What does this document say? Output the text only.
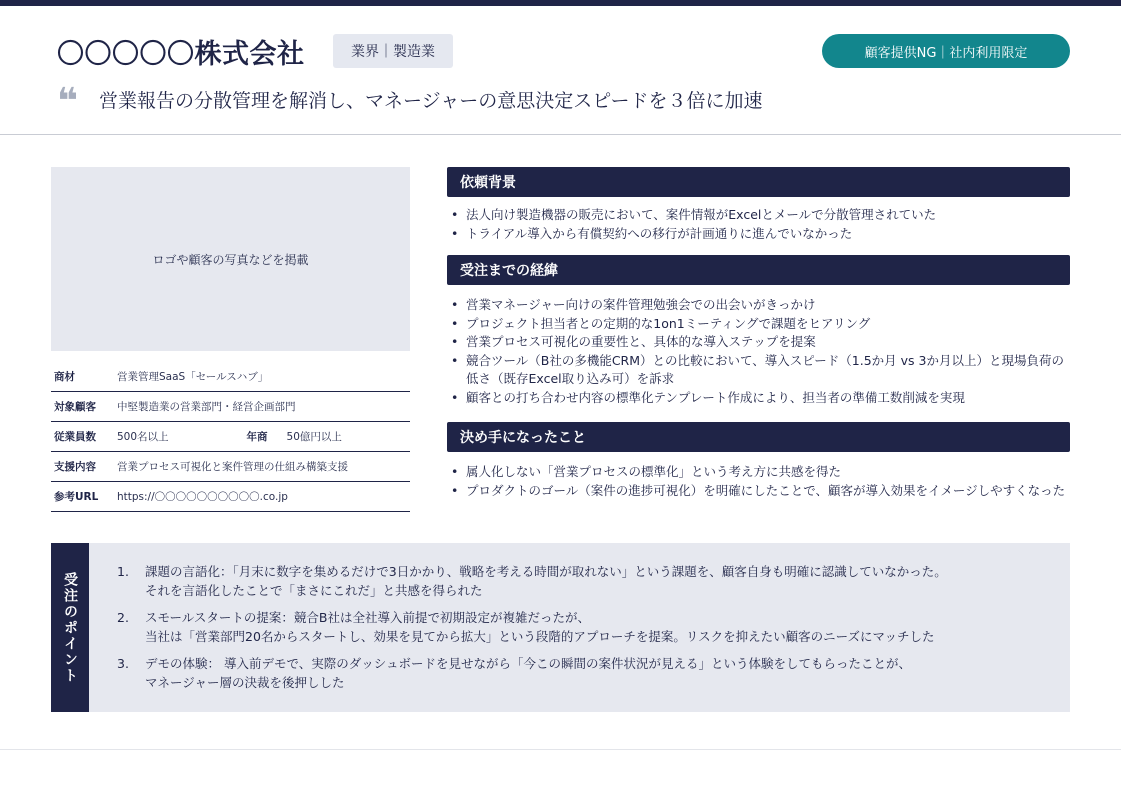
〇〇〇〇〇株式会社	業界｜製造業	顧客提供NG｜社内利用限定
❝ 営業報告の分散管理を解消し、マネージャーの意思決定スピードを３倍に加速
ロゴや顧客の写真などを掲載
商材	営業管理SaaS「セールスハブ」
対象顧客	中堅製造業の営業部門・経営企画部門
従業員数	500名以上	年商	50億円以上
支援内容	営業プロセス可視化と案件管理の仕組み構築支援
参考URL	https://〇〇〇〇〇〇〇〇〇〇.co.jp
依頼背景
• 法人向け製造機器の販売において、案件情報がExcelとメールで分散管理されていた
• トライアル導入から有償契約への移行が計画通りに進んでいなかった
受注までの経緯
• 営業マネージャー向けの案件管理勉強会での出会いがきっかけ
• プロジェクト担当者との定期的な1on1ミーティングで課題をヒアリング
• 営業プロセス可視化の重要性と、具体的な導入ステップを提案
• 競合ツール（B社の多機能CRM）との比較において、導入スピード（1.5か月 vs 3か月以上）と現場負荷の低さ（既存Excel取り込み可）を訴求
• 顧客との打ち合わせ内容の標準化テンプレート作成により、担当者の準備工数削減を実現
決め手になったこと
• 属人化しない「営業プロセスの標準化」という考え方に共感を得た
• プロダクトのゴール（案件の進捗可視化）を明確にしたことで、顧客が導入効果をイメージしやすくなった
受注のポイント	1. 課題の言語化：「月末に数字を集めるだけで3日かかり、戦略を考える時間が取れない」という課題を、顧客自身も明確に認識していなかった。
それを言語化したことで「まさにこれだ」と共感を得られた
2. スモールスタートの提案：競合B社は全社導入前提で初期設定が複雑だったが、
当社は「営業部門20名からスタートし、効果を見てから拡大」という段階的アプローチを提案。リスクを抑えたい顧客のニーズにマッチした
3. デモの体験： 導入前デモで、実際のダッシュボードを見せながら「今この瞬間の案件状況が見える」という体験をしてもらったことが、
マネージャー層の決裁を後押しした
